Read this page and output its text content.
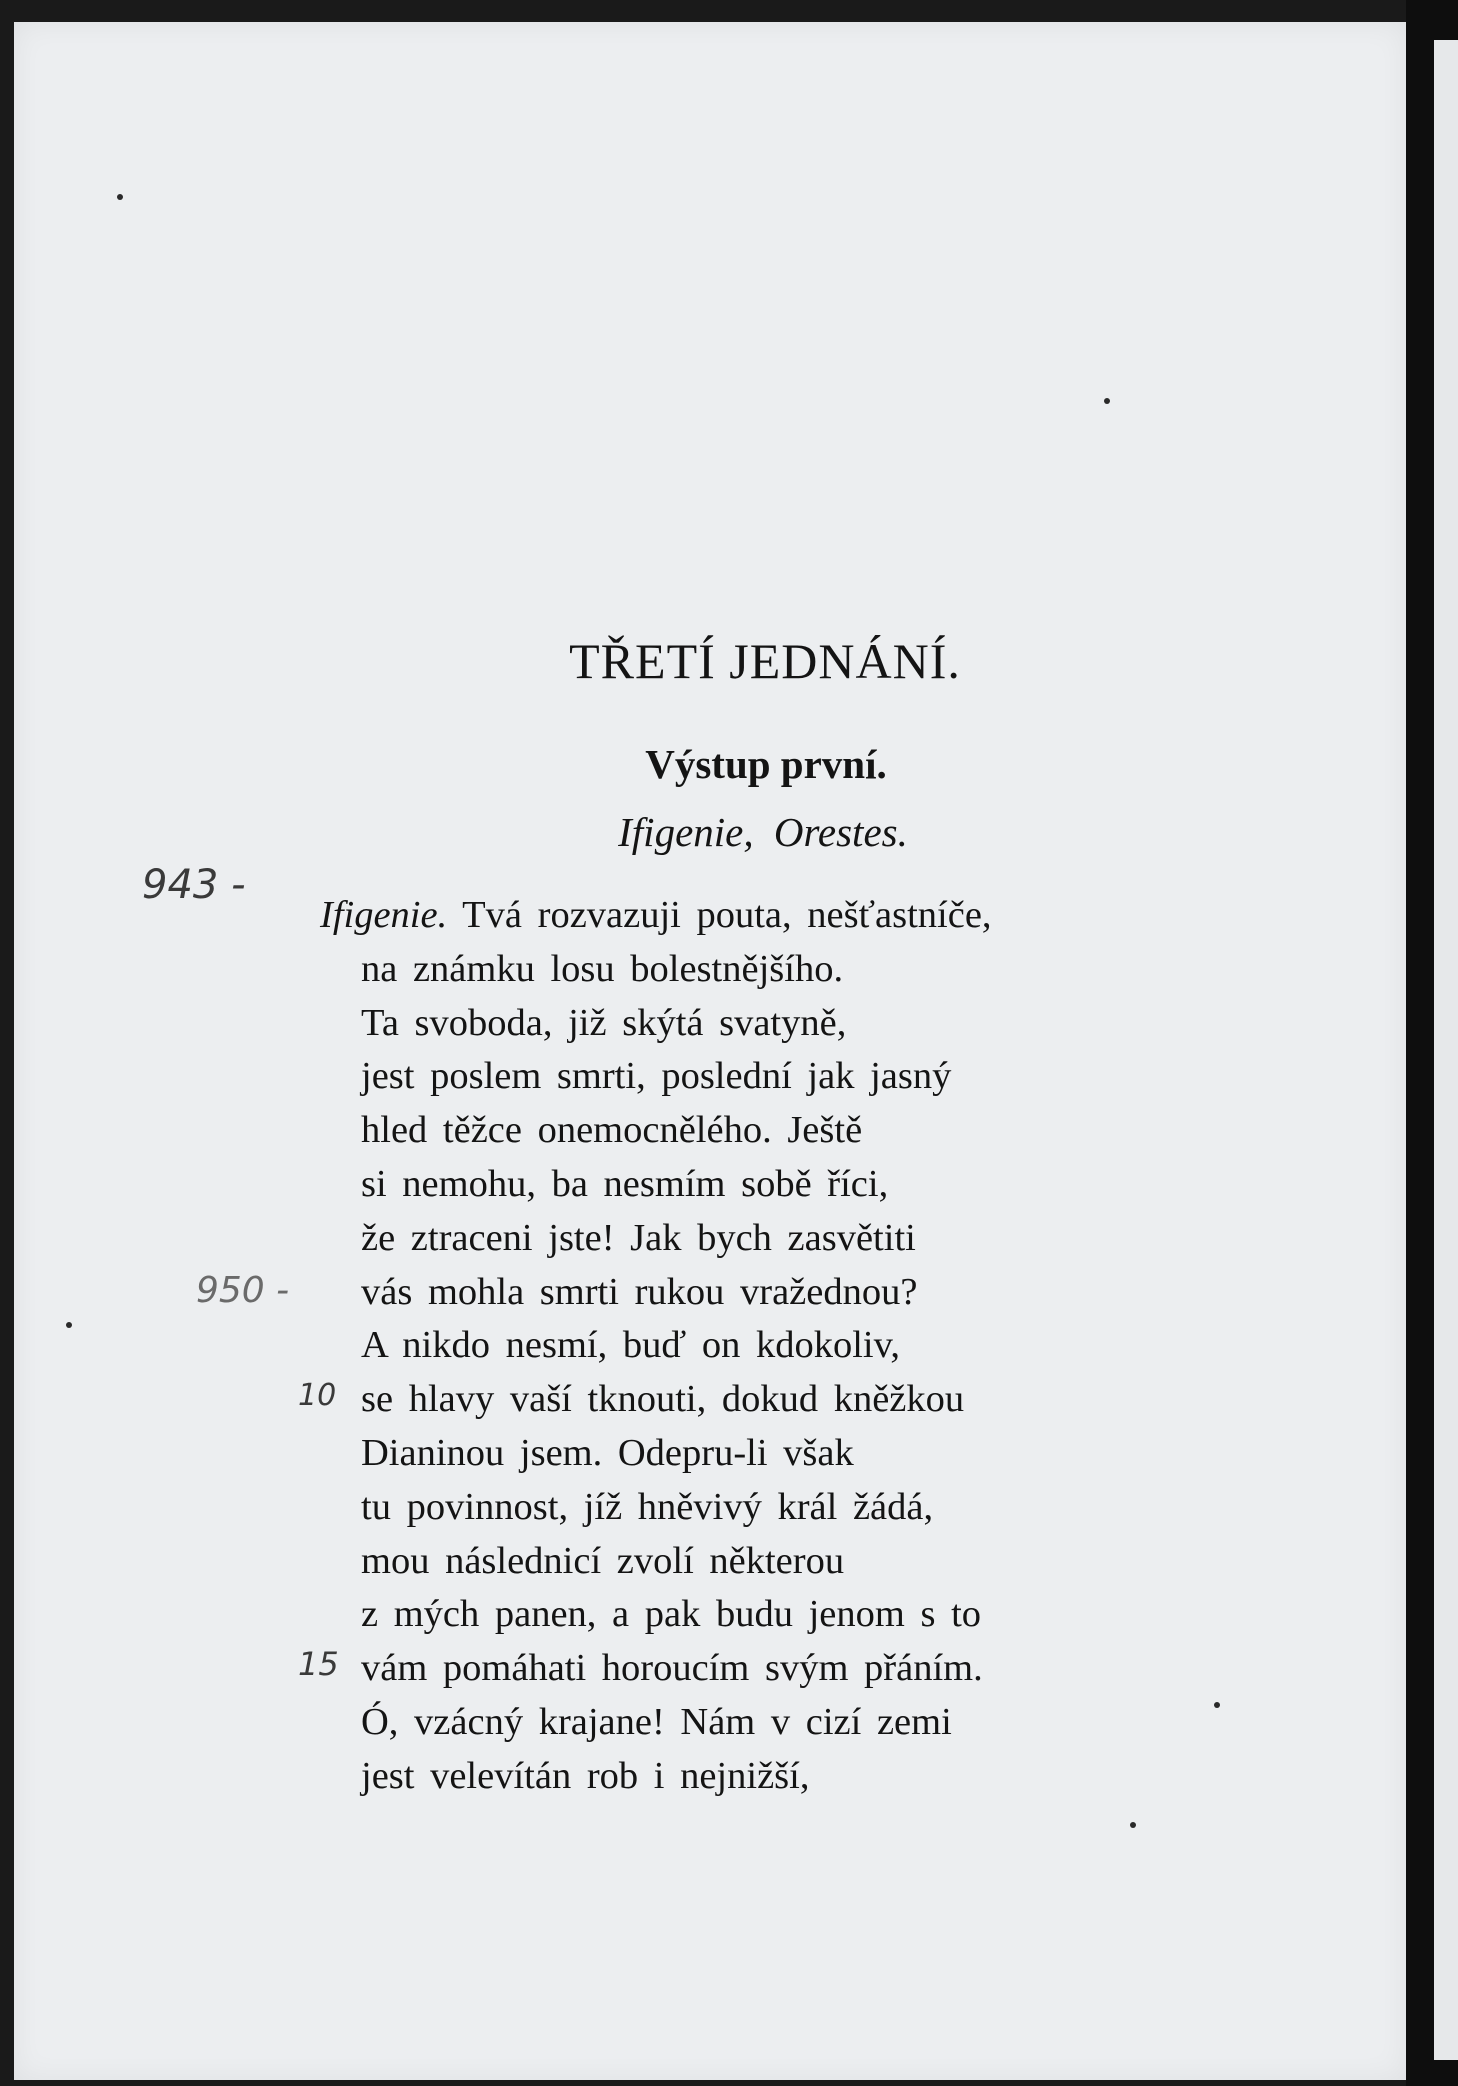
TŘETÍ JEDNÁNÍ.
Výstup první.
Ifigenie, Orestes.
Ifigenie. Tvá rozvazuji pouta, nešťastníče,
na známku losu bolestnějšího.
Ta svoboda, již skýtá svatyně,
jest poslem smrti, poslední jak jasný
hled těžce onemocnělého. Ještě
si nemohu, ba nesmím sobě říci,
že ztraceni jste! Jak bych zasvětiti
vás mohla smrti rukou vražednou?
A nikdo nesmí, buď on kdokoliv,
se hlavy vaší tknouti, dokud kněžkou
Dianinou jsem. Odepru-li však
tu povinnost, jíž hněvivý král žádá,
mou následnicí zvolí některou
z mých panen, a pak budu jenom s to
vám pomáhati horoucím svým přáním.
Ó, vzácný krajane! Nám v cizí zemi
jest velevítán rob i nejnižší,
943 -
950 -
10
15
